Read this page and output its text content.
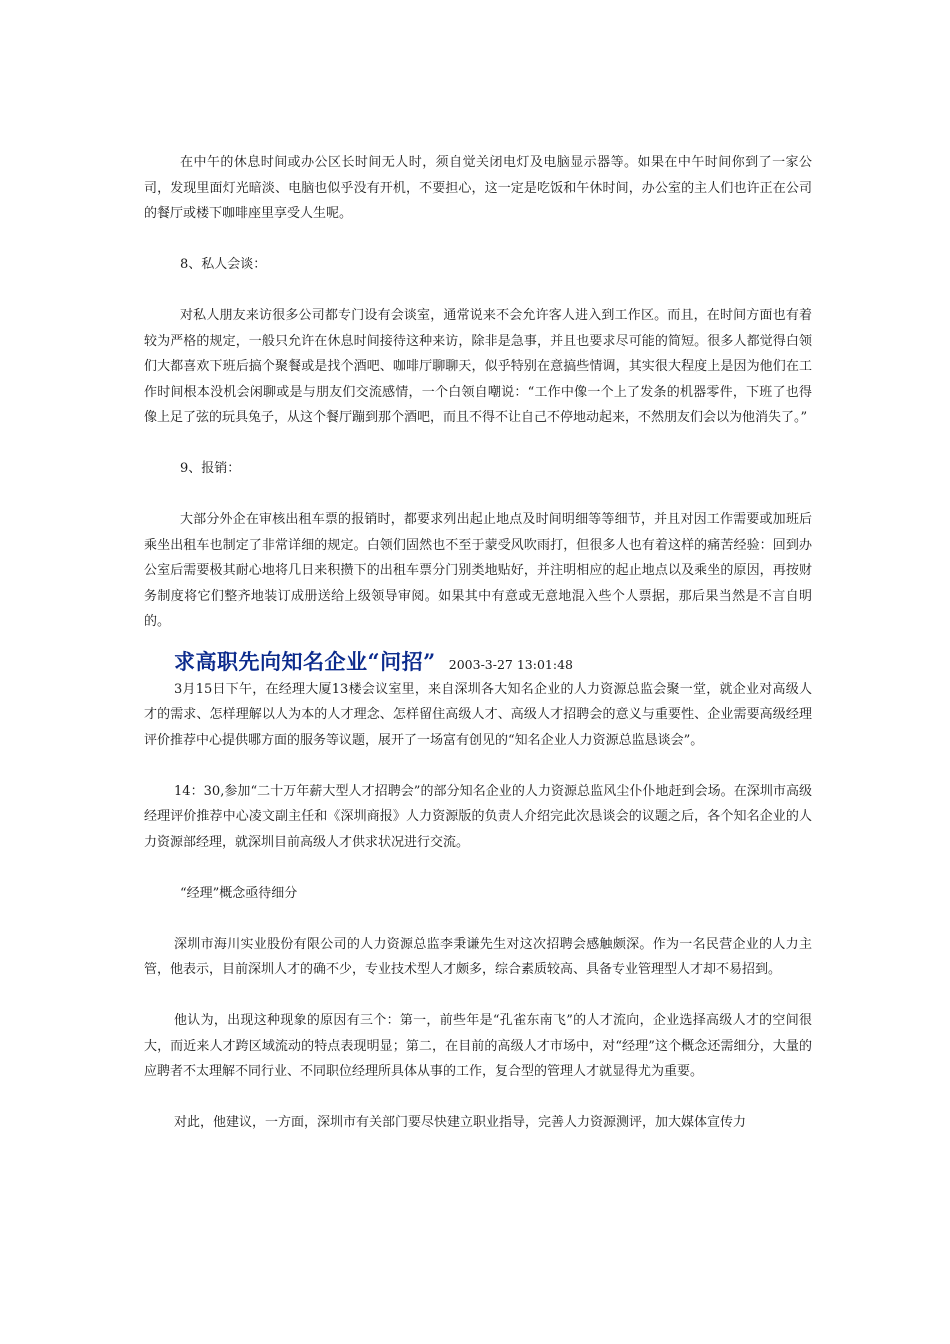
在中午的休息时间或办公区长时间无人时，须自觉关闭电灯及电脑显示器等。如果在中午时间你到了一家公司，发现里面灯光暗淡、电脑也似乎没有开机，不要担心，这一定是吃饭和午休时间，办公室的主人们也许正在公司的餐厅或楼下咖啡座里享受人生呢。

8、私人会谈：

对私人朋友来访很多公司都专门设有会谈室，通常说来不会允许客人进入到工作区。而且，在时间方面也有着较为严格的规定，一般只允许在休息时间接待这种来访，除非是急事，并且也要求尽可能的简短。很多人都觉得白领们大都喜欢下班后搞个聚餐或是找个酒吧、咖啡厅聊聊天，似乎特别在意搞些情调，其实很大程度上是因为他们在工作时间根本没机会闲聊或是与朋友们交流感情，一个白领自嘲说：“工作中像一个上了发条的机器零件，下班了也得像上足了弦的玩具兔子，从这个餐厅蹦到那个酒吧，而且不得不让自己不停地动起来，不然朋友们会以为他消失了。”

9、报销：

大部分外企在审核出租车票的报销时，都要求列出起止地点及时间明细等等细节，并且对因工作需要或加班后乘坐出租车也制定了非常详细的规定。白领们固然也不至于蒙受风吹雨打，但很多人也有着这样的痛苦经验：回到办公室后需要极其耐心地将几日来积攒下的出租车票分门别类地贴好，并注明相应的起止地点以及乘坐的原因，再按财务制度将它们整齐地装订成册送给上级领导审阅。如果其中有意或无意地混入些个人票据，那后果当然是不言自明的。

求高职先向知名企业“问招” 2003-3-27 13:01:48

3月15日下午，在经理大厦13楼会议室里，来自深圳各大知名企业的人力资源总监会聚一堂，就企业对高级人才的需求、怎样理解以人为本的人才理念、怎样留住高级人才、高级人才招聘会的意义与重要性、企业需要高级经理评价推荐中心提供哪方面的服务等议题，展开了一场富有创见的“知名企业人力资源总监恳谈会”。

14：30,参加“二十万年薪大型人才招聘会”的部分知名企业的人力资源总监风尘仆仆地赶到会场。在深圳市高级经理评价推荐中心凌文副主任和《深圳商报》人力资源版的负责人介绍完此次恳谈会的议题之后，各个知名企业的人力资源部经理，就深圳目前高级人才供求状况进行交流。

“经理”概念亟待细分

深圳市海川实业股份有限公司的人力资源总监李秉谦先生对这次招聘会感触颇深。作为一名民营企业的人力主管，他表示，目前深圳人才的确不少，专业技术型人才颇多，综合素质较高、具备专业管理型人才却不易招到。

他认为，出现这种现象的原因有三个：第一，前些年是“孔雀东南飞”的人才流向，企业选择高级人才的空间很大，而近来人才跨区域流动的特点表现明显；第二，在目前的高级人才市场中，对“经理”这个概念还需细分，大量的应聘者不太理解不同行业、不同职位经理所具体从事的工作，复合型的管理人才就显得尤为重要。

对此，他建议，一方面，深圳市有关部门要尽快建立职业指导，完善人力资源测评，加大媒体宣传力
